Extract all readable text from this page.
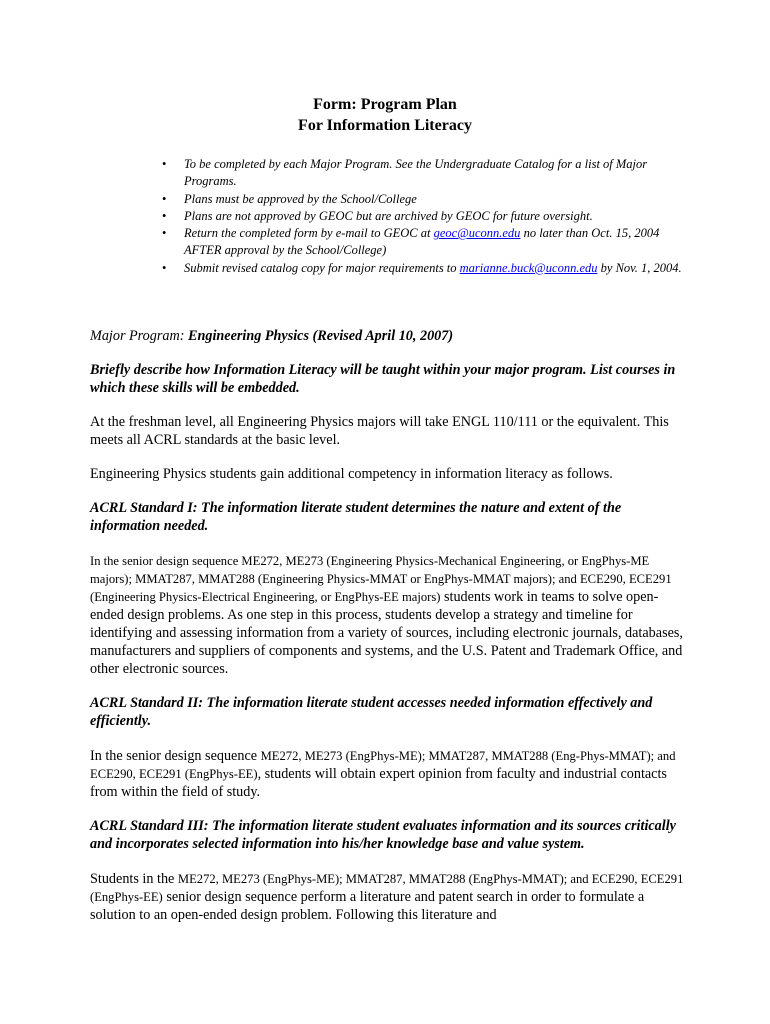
Form: Program Plan
For Information Literacy
• To be completed by each Major Program. See the Undergraduate Catalog for a list of Major Programs.
• Plans must be approved by the School/College
• Plans are not approved by GEOC but are archived by GEOC for future oversight.
• Return the completed form by e-mail to GEOC at geoc@uconn.edu no later than Oct. 15, 2004 AFTER approval by the School/College)
• Submit revised catalog copy for major requirements to marianne.buck@uconn.edu by Nov. 1, 2004.

Major Program: Engineering Physics (Revised April 10, 2007)

Briefly describe how Information Literacy will be taught within your major program. List courses in which these skills will be embedded.

At the freshman level, all Engineering Physics majors will take ENGL 110/111 or the equivalent. This meets all ACRL standards at the basic level.

Engineering Physics students gain additional competency in information literacy as follows.

ACRL Standard I: The information literate student determines the nature and extent of the information needed.

In the senior design sequence ME272, ME273 (Engineering Physics-Mechanical Engineering, or EngPhys-ME majors); MMAT287, MMAT288 (Engineering Physics-MMAT or EngPhys-MMAT majors); and ECE290, ECE291 (Engineering Physics-Electrical Engineering, or EngPhys-EE majors) students work in teams to solve open-ended design problems. As one step in this process, students develop a strategy and timeline for identifying and assessing information from a variety of sources, including electronic journals, databases, manufacturers and suppliers of components and systems, and the U.S. Patent and Trademark Office, and other electronic sources.

ACRL Standard II: The information literate student accesses needed information effectively and efficiently.

In the senior design sequence ME272, ME273 (EngPhys-ME); MMAT287, MMAT288 (Eng-Phys-MMAT); and ECE290, ECE291 (EngPhys-EE), students will obtain expert opinion from faculty and industrial contacts from within the field of study.

ACRL Standard III: The information literate student evaluates information and its sources critically and incorporates selected information into his/her knowledge base and value system.

Students in the ME272, ME273 (EngPhys-ME); MMAT287, MMAT288 (EngPhys-MMAT); and ECE290, ECE291 (EngPhys-EE) senior design sequence perform a literature and patent search in order to formulate a solution to an open-ended design problem. Following this literature and
